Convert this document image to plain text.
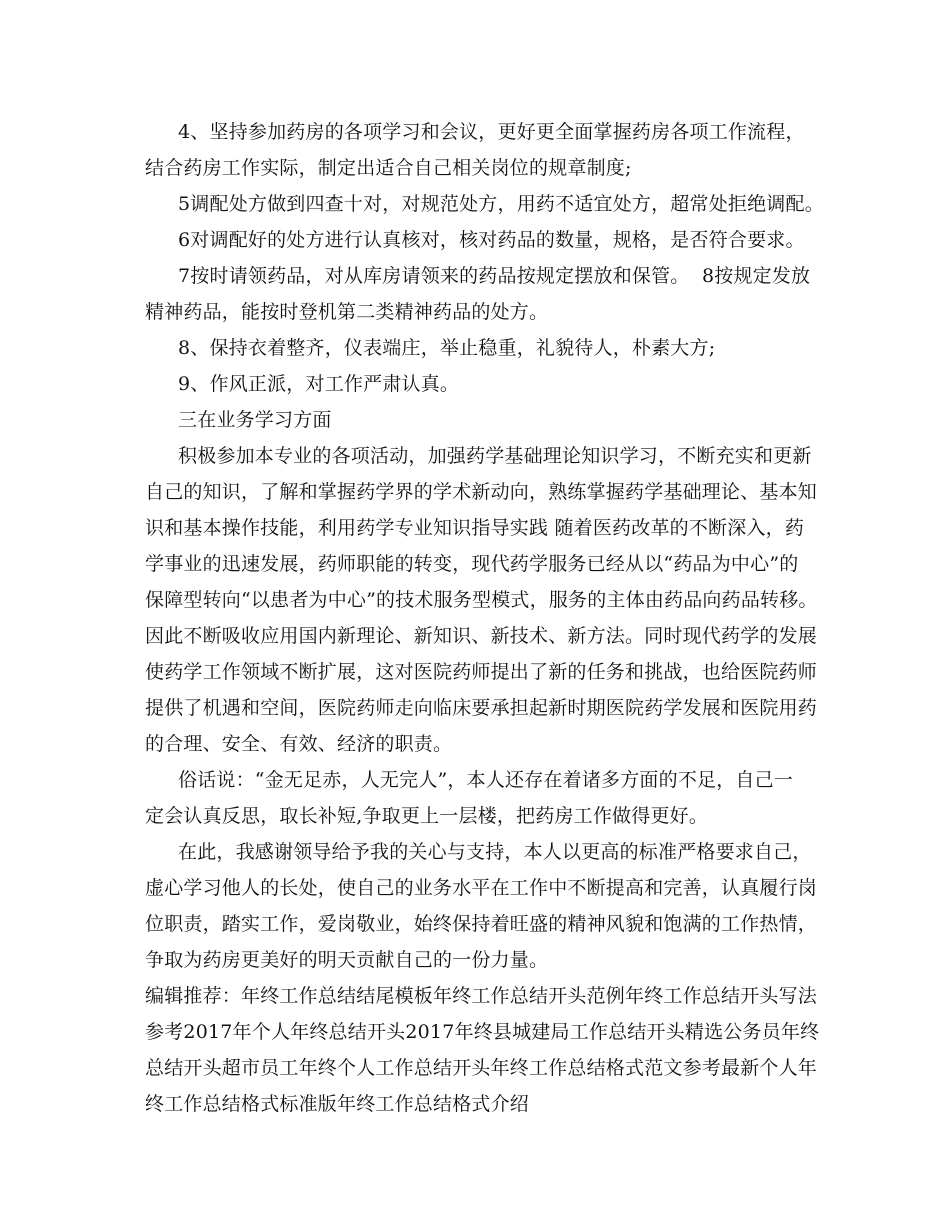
4、坚持参加药房的各项学习和会议，更好更全面掌握药房各项工作流程，
结合药房工作实际，制定出适合自己相关岗位的规章制度;
5调配处方做到四查十对，对规范处方，用药不适宜处方，超常处拒绝调配。
6对调配好的处方进行认真核对，核对药品的数量，规格，是否符合要求。
7按时请领药品，对从库房请领来的药品按规定摆放和保管。  8按规定发放
精神药品，能按时登机第二类精神药品的处方。
8、保持衣着整齐，仪表端庄，举止稳重，礼貌待人，朴素大方;
9、作风正派，对工作严肃认真。
三在业务学习方面
积极参加本专业的各项活动，加强药学基础理论知识学习，不断充实和更新
自己的知识，了解和掌握药学界的学术新动向，熟练掌握药学基础理论、基本知
识和基本操作技能，利用药学专业知识指导实践 随着医药改革的不断深入，药
学事业的迅速发展，药师职能的转变，现代药学服务已经从以“药品为中心”的
保障型转向“以患者为中心”的技术服务型模式，服务的主体由药品向药品转移。
因此不断吸收应用国内新理论、新知识、新技术、新方法。同时现代药学的发展
使药学工作领域不断扩展，这对医院药师提出了新的任务和挑战，也给医院药师
提供了机遇和空间，医院药师走向临床要承担起新时期医院药学发展和医院用药
的合理、安全、有效、经济的职责。
俗话说：“金无足赤，人无完人”，本人还存在着诸多方面的不足，自己一
定会认真反思，取长补短,争取更上一层楼，把药房工作做得更好。
在此，我感谢领导给予我的关心与支持，本人以更高的标准严格要求自己，
虚心学习他人的长处，使自己的业务水平在工作中不断提高和完善，认真履行岗
位职责，踏实工作，爱岗敬业，始终保持着旺盛的精神风貌和饱满的工作热情，
争取为药房更美好的明天贡献自己的一份力量。
编辑推荐：年终工作总结结尾模板年终工作总结开头范例年终工作总结开头写法
参考2017年个人年终总结开头2017年终县城建局工作总结开头精选公务员年终
总结开头超市员工年终个人工作总结开头年终工作总结格式范文参考最新个人年
终工作总结格式标准版年终工作总结格式介绍
